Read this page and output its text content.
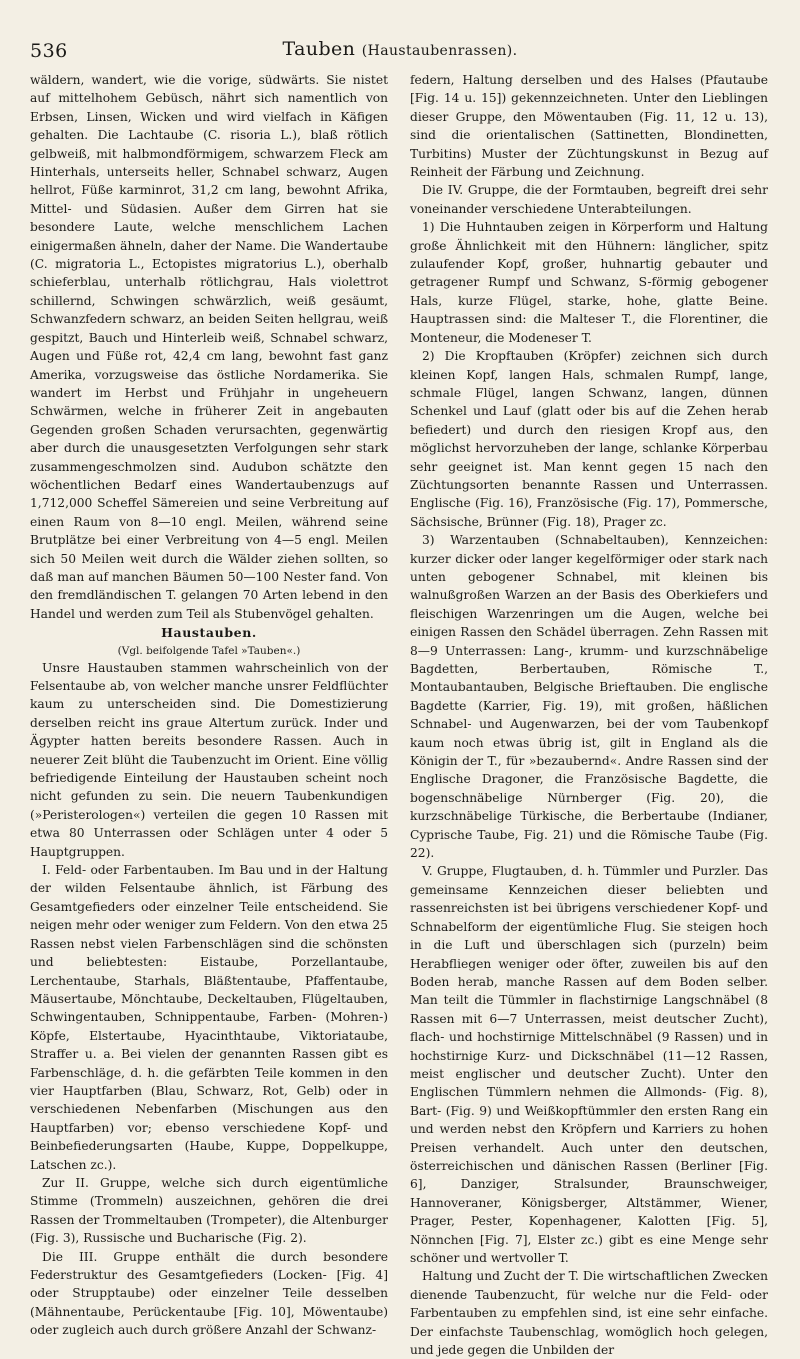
536	Tauben (Haustaubenrassen).

wäldern, wandert, wie die vorige, südwärts. Sie nistet auf mittelhohem Gebüsch, nährt sich namentlich von Erbsen, Linsen, Wicken und wird vielfach in Käfigen gehalten. Die Lachtaube (C. risoria L.), blaß rötlich gelbweiß, mit halbmondförmigem, schwarzem Fleck am Hinterhals, unterseits heller, Schnabel schwarz, Augen hellrot, Füße karminrot, 31,2 cm lang, bewohnt Afrika, Mittel- und Südasien. Außer dem Girren hat sie besondere Laute, welche menschlichem Lachen einigermaßen ähneln, daher der Name. Die Wandertaube (C. migratoria L., Ectopistes migratorius L.), oberhalb schieferblau, unterhalb rötlichgrau, Hals violettrot schillernd, Schwingen schwärzlich, weiß gesäumt, Schwanzfedern schwarz, an beiden Seiten hellgrau, weiß gespitzt, Bauch und Hinterleib weiß, Schnabel schwarz, Augen und Füße rot, 42,4 cm lang, bewohnt fast ganz Amerika, vorzugsweise das östliche Nordamerika. Sie wandert im Herbst und Frühjahr in ungeheuern Schwärmen, welche in früherer Zeit in angebauten Gegenden großen Schaden verursachten, gegenwärtig aber durch die unausgesetzten Verfolgungen sehr stark zusammengeschmolzen sind. Audubon schätzte den wöchentlichen Bedarf eines Wandertaubenzugs auf 1,712,000 Scheffel Sämereien und seine Verbreitung auf einen Raum von 8—10 engl. Meilen, während seine Brutplätze bei einer Verbreitung von 4—5 engl. Meilen sich 50 Meilen weit durch die Wälder ziehen sollten, so daß man auf manchen Bäumen 50—100 Nester fand. Von den fremdländischen T. gelangen 70 Arten lebend in den Handel und werden zum Teil als Stubenvögel gehalten.

Haustauben.
(Vgl. beifolgende Tafel »Tauben«.)

Unsre Haustauben stammen wahrscheinlich von der Felsentaube ab, von welcher manche unsrer Feldflüchter kaum zu unterscheiden sind. Die Domestizierung derselben reicht ins graue Altertum zurück. Inder und Ägypter hatten bereits besondere Rassen. Auch in neuerer Zeit blüht die Taubenzucht im Orient. Eine völlig befriedigende Einteilung der Haustauben scheint noch nicht gefunden zu sein. Die neuern Taubenkundigen (»Peristerologen«) verteilen die gegen 10 Rassen mit etwa 80 Unterrassen oder Schlägen unter 4 oder 5 Hauptgruppen.

I. Feld- oder Farbentauben. Im Bau und in der Haltung der wilden Felsentaube ähnlich, ist Färbung des Gesamtgefieders oder einzelner Teile entscheidend. Sie neigen mehr oder weniger zum Feldern. Von den etwa 25 Rassen nebst vielen Farbenschlägen sind die schönsten und beliebtesten: Eistaube, Porzellantaube, Lerchentaube, Starhals, Bläßtentaube, Pfaffentaube, Mäusertaube, Mönchtaube, Deckeltauben, Flügeltauben, Schwingentauben, Schnippentaube, Farben- (Mohren-) Köpfe, Elstertaube, Hyacinthtaube, Viktoriataube, Straffer u. a. Bei vielen der genannten Rassen gibt es Farbenschläge, d. h. die gefärbten Teile kommen in den vier Hauptfarben (Blau, Schwarz, Rot, Gelb) oder in verschiedenen Nebenfarben (Mischungen aus den Hauptfarben) vor; ebenso verschiedene Kopf- und Beinbefiederungsarten (Haube, Kuppe, Doppelkuppe, Latschen zc.).

Zur II. Gruppe, welche sich durch eigentümliche Stimme (Trommeln) auszeichnen, gehören die drei Rassen der Trommeltauben (Trompeter), die Altenburger (Fig. 3), Russische und Bucharische (Fig. 2).

Die III. Gruppe enthält die durch besondere Federstruktur des Gesamtgefieders (Locken- [Fig. 4] oder Strupptaube) oder einzelner Teile desselben (Mähnentaube, Perückentaube [Fig. 10], Möwentaube) oder zugleich auch durch größere Anzahl der Schwanz-

federn, Haltung derselben und des Halses (Pfautaube [Fig. 14 u. 15]) gekennzeichneten. Unter den Lieblingen dieser Gruppe, den Möwentauben (Fig. 11, 12 u. 13), sind die orientalischen (Sattinetten, Blondinetten, Turbitins) Muster der Züchtungskunst in Bezug auf Reinheit der Färbung und Zeichnung.

Die IV. Gruppe, die der Formtauben, begreift drei sehr voneinander verschiedene Unterabteilungen.

1) Die Huhntauben zeigen in Körperform und Haltung große Ähnlichkeit mit den Hühnern: länglicher, spitz zulaufender Kopf, großer, huhnartig gebauter und getragener Rumpf und Schwanz, S-förmig gebogener Hals, kurze Flügel, starke, hohe, glatte Beine. Hauptrassen sind: die Malteser T., die Florentiner, die Monteneur, die Modeneser T.

2) Die Kropftauben (Kröpfer) zeichnen sich durch kleinen Kopf, langen Hals, schmalen Rumpf, lange, schmale Flügel, langen Schwanz, langen, dünnen Schenkel und Lauf (glatt oder bis auf die Zehen herab befiedert) und durch den riesigen Kropf aus, den möglichst hervorzuheben der lange, schlanke Körperbau sehr geeignet ist. Man kennt gegen 15 nach den Züchtungsorten benannte Rassen und Unterrassen. Englische (Fig. 16), Französische (Fig. 17), Pommersche, Sächsische, Brünner (Fig. 18), Prager zc.

3) Warzentauben (Schnabeltauben), Kennzeichen: kurzer dicker oder langer kegelförmiger oder stark nach unten gebogener Schnabel, mit kleinen bis walnußgroßen Warzen an der Basis des Oberkiefers und fleischigen Warzenringen um die Augen, welche bei einigen Rassen den Schädel überragen. Zehn Rassen mit 8—9 Unterrassen: Lang-, krumm- und kurzschnäbelige Bagdetten, Berbertauben, Römische T., Montaubantauben, Belgische Brieftauben. Die englische Bagdette (Karrier, Fig. 19), mit großen, häßlichen Schnabel- und Augenwarzen, bei der vom Taubenkopf kaum noch etwas übrig ist, gilt in England als die Königin der T., für »bezaubernd«. Andre Rassen sind der Englische Dragoner, die Französische Bagdette, die bogenschnäbelige Nürnberger (Fig. 20), die kurzschnäbelige Türkische, die Berbertaube (Indianer, Cyprische Taube, Fig. 21) und die Römische Taube (Fig. 22).

V. Gruppe, Flugtauben, d. h. Tümmler und Purzler. Das gemeinsame Kennzeichen dieser beliebten und rassenreichsten ist bei übrigens verschiedener Kopf- und Schnabelform der eigentümliche Flug. Sie steigen hoch in die Luft und überschlagen sich (purzeln) beim Herabfliegen weniger oder öfter, zuweilen bis auf den Boden herab, manche Rassen auf dem Boden selber. Man teilt die Tümmler in flachstirnige Langschnäbel (8 Rassen mit 6—7 Unterrassen, meist deutscher Zucht), flach- und hochstirnige Mittelschnäbel (9 Rassen) und in hochstirnige Kurz- und Dickschnäbel (11—12 Rassen, meist englischer und deutscher Zucht). Unter den Englischen Tümmlern nehmen die Allmonds- (Fig. 8), Bart- (Fig. 9) und Weißkopftümmler den ersten Rang ein und werden nebst den Kröpfern und Karriers zu hohen Preisen verhandelt. Auch unter den deutschen, österreichischen und dänischen Rassen (Berliner [Fig. 6], Danziger, Stralsunder, Braunschweiger, Hannoveraner, Königsberger, Altstämmer, Wiener, Prager, Pester, Kopenhagener, Kalotten [Fig. 5], Nönnchen [Fig. 7], Elster zc.) gibt es eine Menge sehr schöner und wertvoller T.

Haltung und Zucht der T. Die wirtschaftlichen Zwecken dienende Taubenzucht, für welche nur die Feld- oder Farbentauben zu empfehlen sind, ist eine sehr einfache. Der einfachste Taubenschlag, womöglich hoch gelegen, und jede gegen die Unbilden der
